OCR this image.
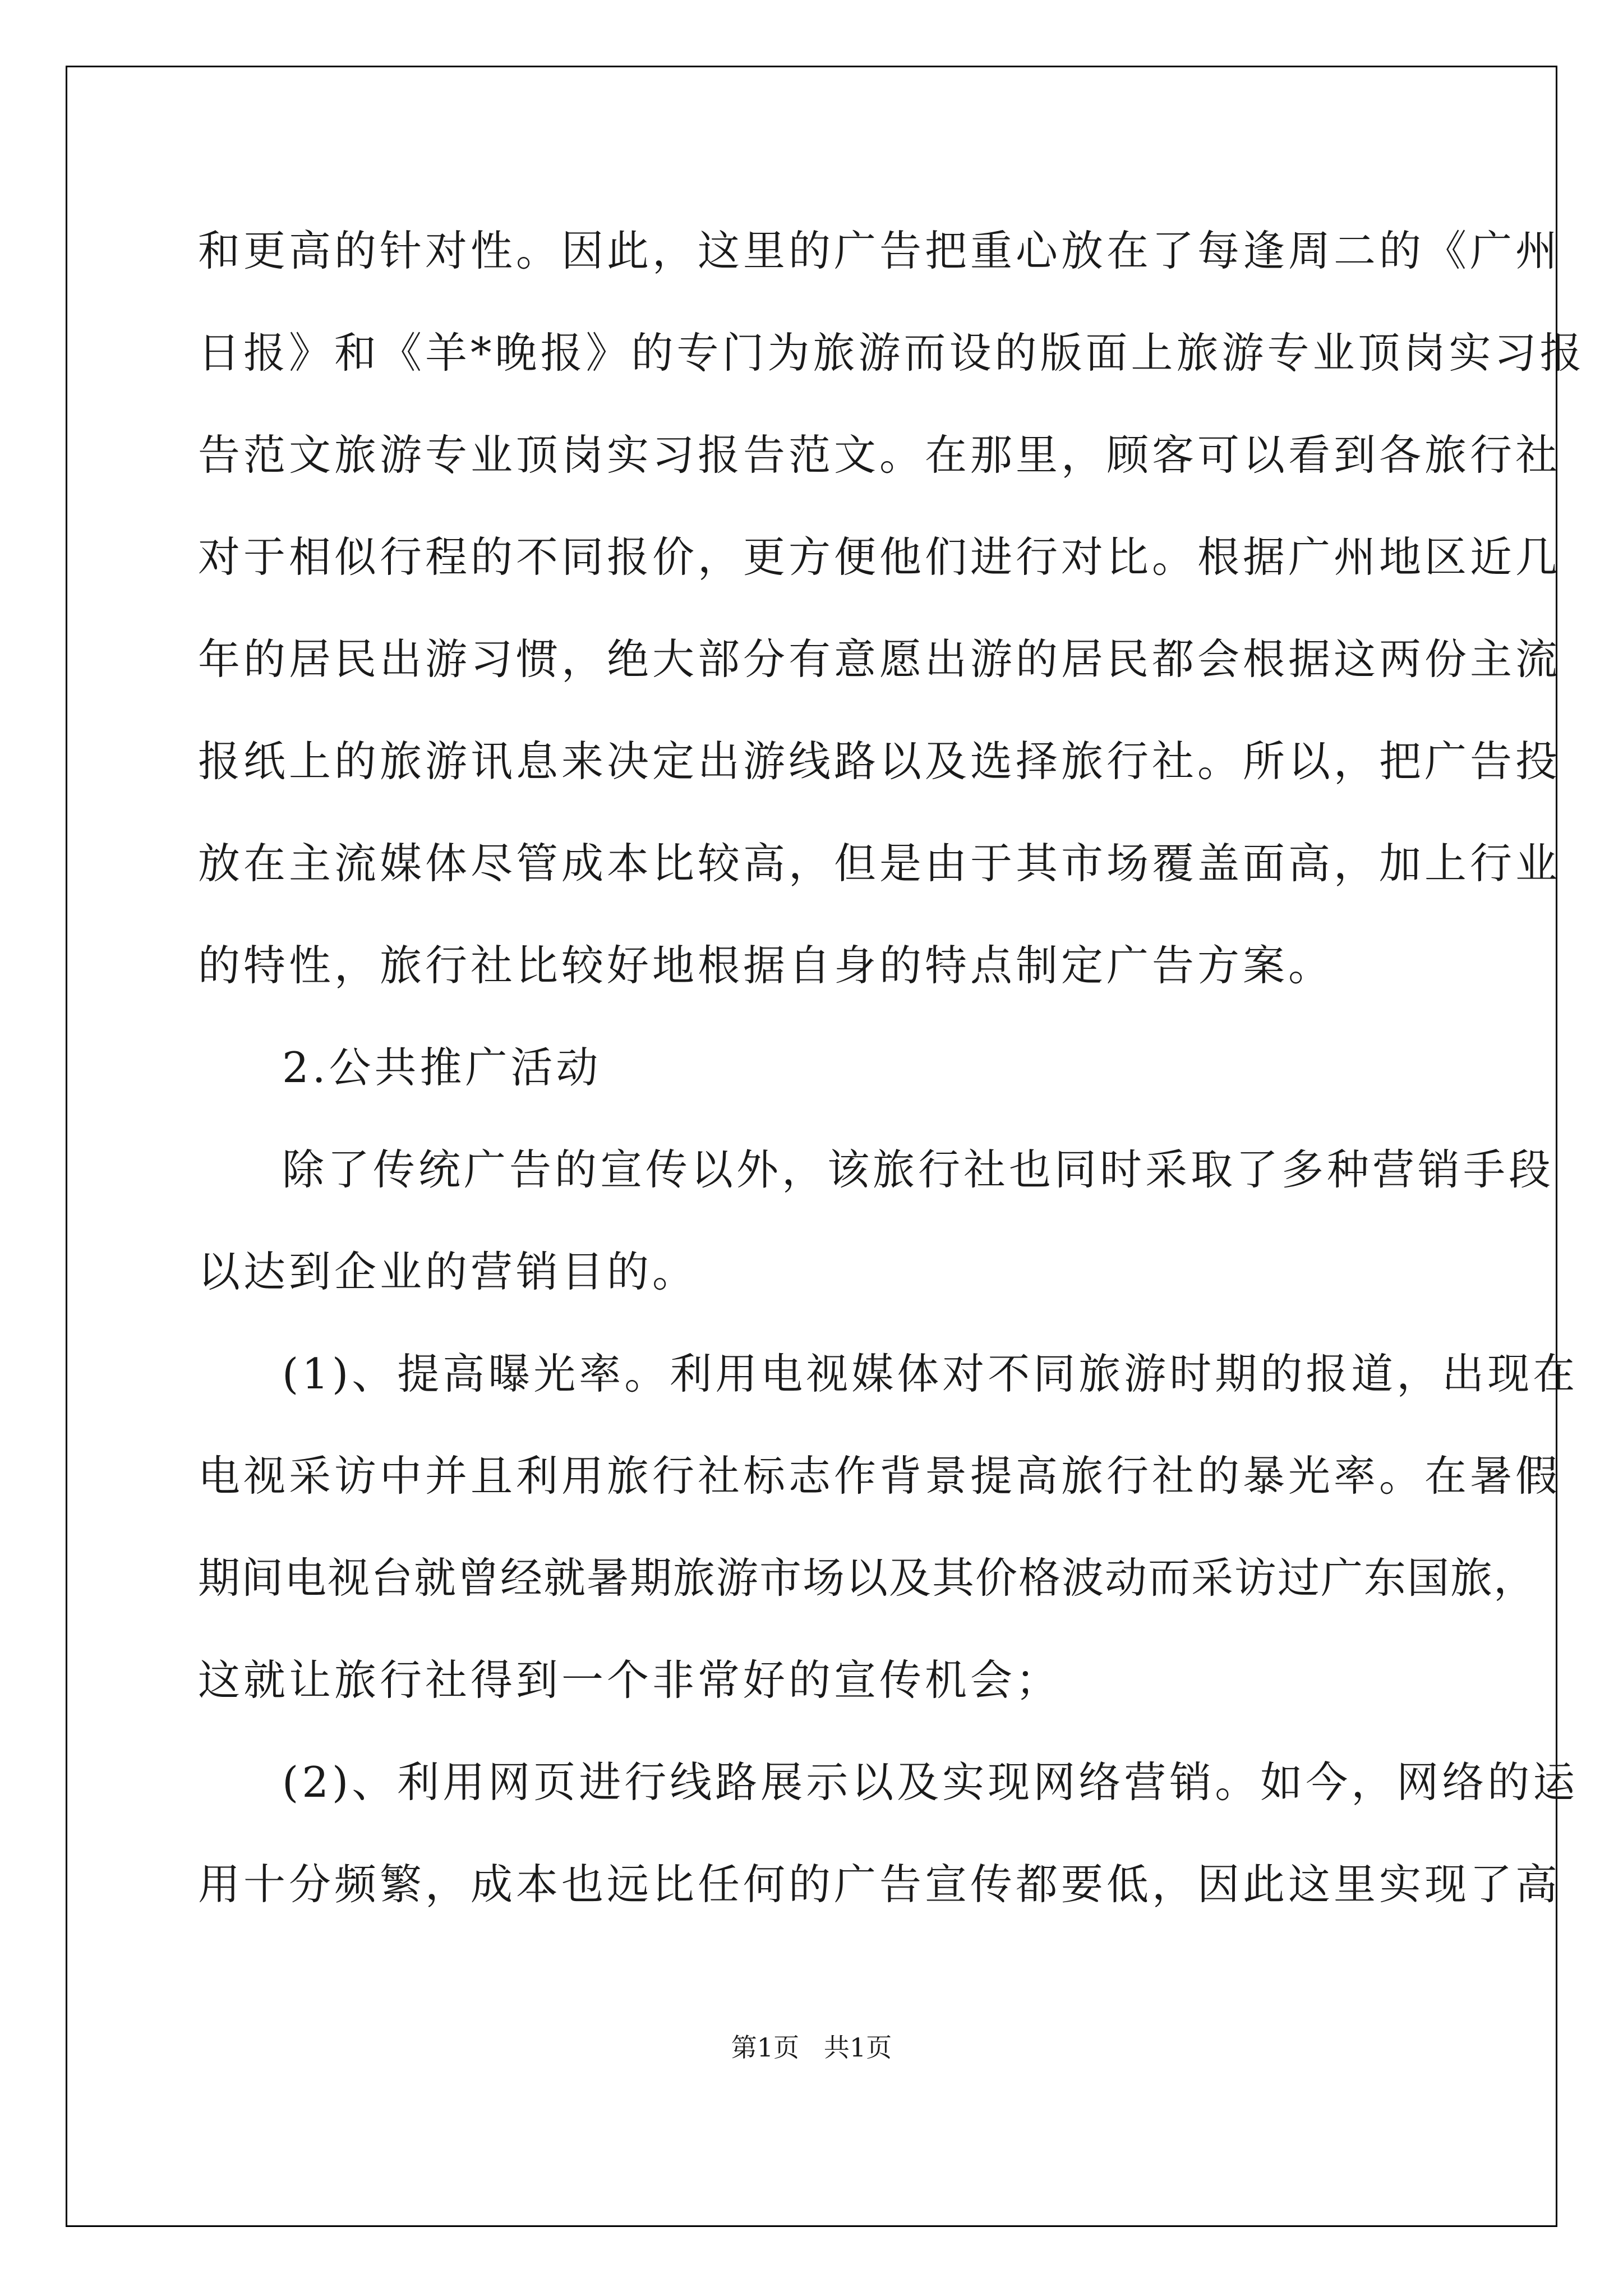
和更高的针对性。因此，这里的广告把重心放在了每逢周二的《广州
日报》和《羊*晚报》的专门为旅游而设的版面上旅游专业顶岗实习报
告范文旅游专业顶岗实习报告范文。在那里，顾客可以看到各旅行社
对于相似行程的不同报价，更方便他们进行对比。根据广州地区近几
年的居民出游习惯，绝大部分有意愿出游的居民都会根据这两份主流
报纸上的旅游讯息来决定出游线路以及选择旅行社。所以，把广告投
放在主流媒体尽管成本比较高，但是由于其市场覆盖面高，加上行业
的特性，旅行社比较好地根据自身的特点制定广告方案。
2.公共推广活动
除了传统广告的宣传以外，该旅行社也同时采取了多种营销手段
以达到企业的营销目的。
(1)、提高曝光率。利用电视媒体对不同旅游时期的报道，出现在
电视采访中并且利用旅行社标志作背景提高旅行社的暴光率。在暑假
期间电视台就曾经就暑期旅游市场以及其价格波动而采访过广东国旅，
这就让旅行社得到一个非常好的宣传机会；
(2)、利用网页进行线路展示以及实现网络营销。如今，网络的运
用十分频繁，成本也远比任何的广告宣传都要低，因此这里实现了高
第1页   共1页
